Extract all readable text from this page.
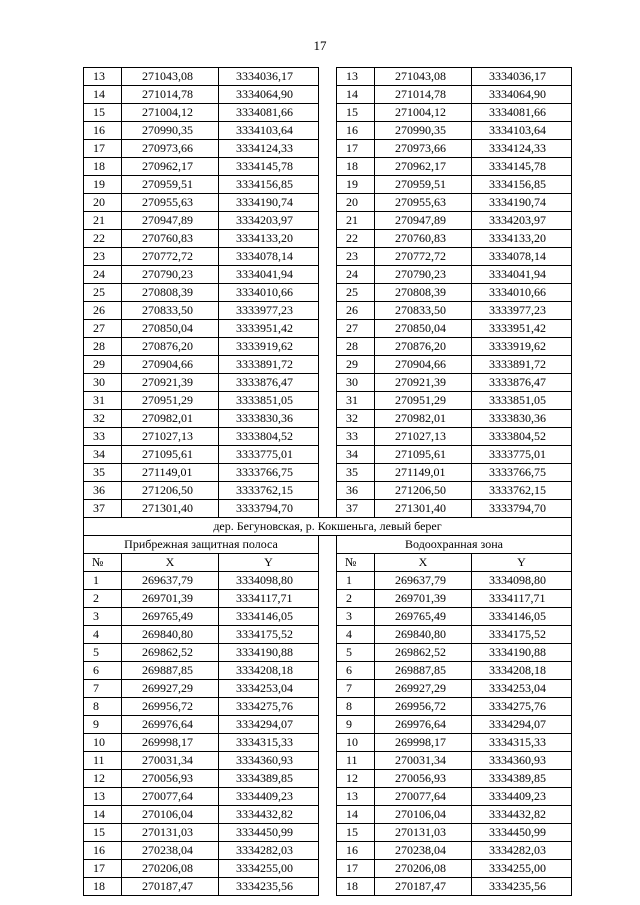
17
13	271043,08	3334036,17		13	271043,08	3334036,17
14	271014,78	3334064,90		14	271014,78	3334064,90
15	271004,12	3334081,66		15	271004,12	3334081,66
16	270990,35	3334103,64		16	270990,35	3334103,64
17	270973,66	3334124,33		17	270973,66	3334124,33
18	270962,17	3334145,78		18	270962,17	3334145,78
19	270959,51	3334156,85		19	270959,51	3334156,85
20	270955,63	3334190,74		20	270955,63	3334190,74
21	270947,89	3334203,97		21	270947,89	3334203,97
22	270760,83	3334133,20		22	270760,83	3334133,20
23	270772,72	3334078,14		23	270772,72	3334078,14
24	270790,23	3334041,94		24	270790,23	3334041,94
25	270808,39	3334010,66		25	270808,39	3334010,66
26	270833,50	3333977,23		26	270833,50	3333977,23
27	270850,04	3333951,42		27	270850,04	3333951,42
28	270876,20	3333919,62		28	270876,20	3333919,62
29	270904,66	3333891,72		29	270904,66	3333891,72
30	270921,39	3333876,47		30	270921,39	3333876,47
31	270951,29	3333851,05		31	270951,29	3333851,05
32	270982,01	3333830,36		32	270982,01	3333830,36
33	271027,13	3333804,52		33	271027,13	3333804,52
34	271095,61	3333775,01		34	271095,61	3333775,01
35	271149,01	3333766,75		35	271149,01	3333766,75
36	271206,50	3333762,15		36	271206,50	3333762,15
37	271301,40	3333794,70		37	271301,40	3333794,70
дер. Бегуновская, р. Кокшеньга, левый берег						
Прибрежная защитная полоса				Водоохранная зона		
№	X	Y		№	X	Y
1	269637,79	3334098,80		1	269637,79	3334098,80
2	269701,39	3334117,71		2	269701,39	3334117,71
3	269765,49	3334146,05		3	269765,49	3334146,05
4	269840,80	3334175,52		4	269840,80	3334175,52
5	269862,52	3334190,88		5	269862,52	3334190,88
6	269887,85	3334208,18		6	269887,85	3334208,18
7	269927,29	3334253,04		7	269927,29	3334253,04
8	269956,72	3334275,76		8	269956,72	3334275,76
9	269976,64	3334294,07		9	269976,64	3334294,07
10	269998,17	3334315,33		10	269998,17	3334315,33
11	270031,34	3334360,93		11	270031,34	3334360,93
12	270056,93	3334389,85		12	270056,93	3334389,85
13	270077,64	3334409,23		13	270077,64	3334409,23
14	270106,04	3334432,82		14	270106,04	3334432,82
15	270131,03	3334450,99		15	270131,03	3334450,99
16	270238,04	3334282,03		16	270238,04	3334282,03
17	270206,08	3334255,00		17	270206,08	3334255,00
18	270187,47	3334235,56		18	270187,47	3334235,56
